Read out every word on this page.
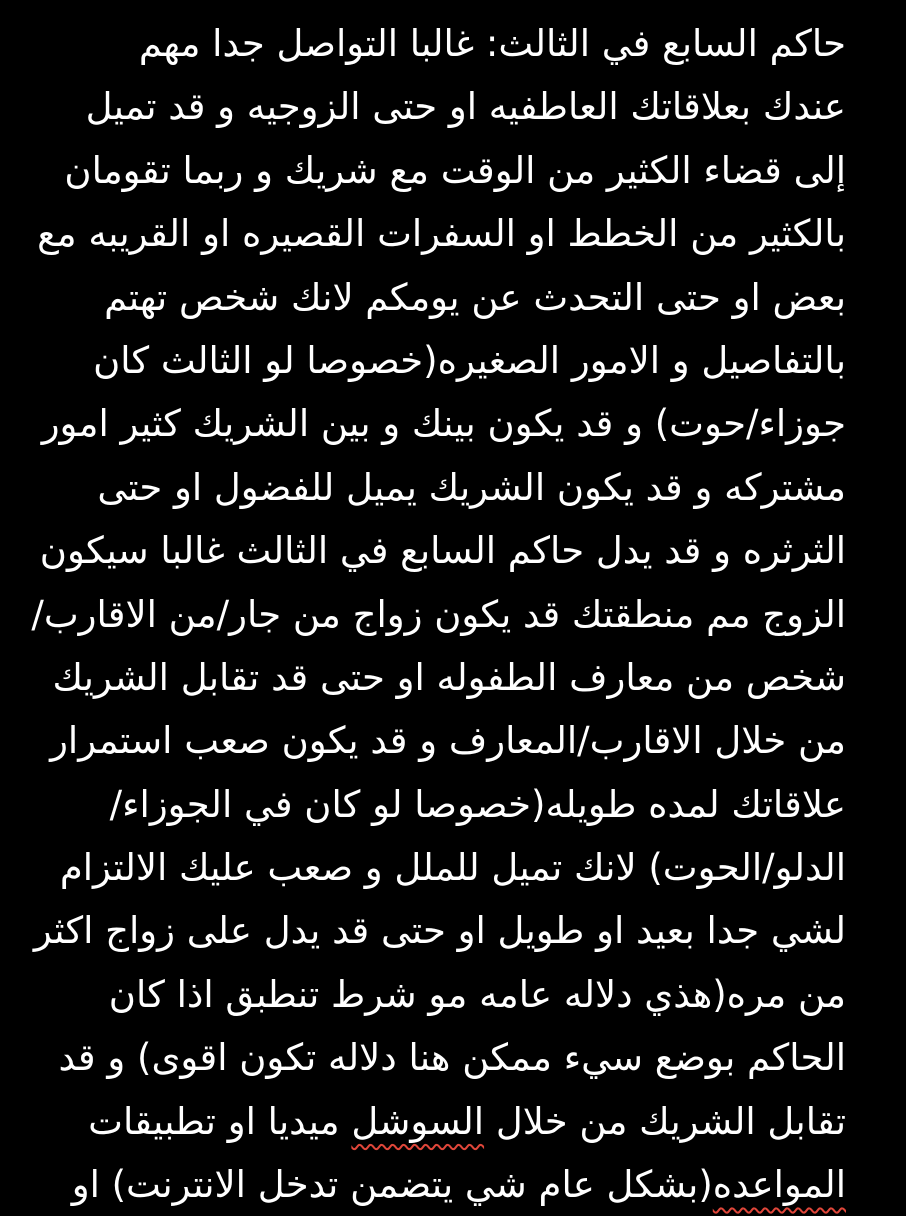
حاكم السابع في الثالث: غالبا التواصل جدا مهم
عندك بعلاقاتك العاطفيه او حتى الزوجيه و قد تميل
إلى قضاء الكثير من الوقت مع شريك و ربما تقومان
بالكثير من الخطط او السفرات القصيره او القريبه مع
بعض او حتى التحدث عن يومكم لانك شخص تهتم
بالتفاصيل و الامور الصغيره(خصوصا لو الثالث كان
جوزاء/حوت) و قد يكون بينك و بين الشريك كثير امور
مشتركه و قد يكون الشريك يميل للفضول او حتى
الثرثره و قد يدل حاكم السابع في الثالث غالبا سيكون
الزوج مم منطقتك قد يكون زواج من جار/من الاقارب/
شخص من معارف الطفوله او حتى قد تقابل الشريك
من خلال الاقارب/المعارف و قد يكون صعب استمرار
علاقاتك لمده طويله(خصوصا لو كان في الجوزاء/
الدلو/الحوت) لانك تميل للملل و صعب عليك الالتزام
لشي جدا بعيد او طويل او حتى قد يدل على زواج اكثر
من مره(هذي دلاله عامه مو شرط تنطبق اذا كان
الحاكم بوضع سيء ممكن هنا دلاله تكون اقوى) و قد
تقابل الشريك من خلال السوشل ميديا او تطبيقات
المواعده(بشكل عام شي يتضمن تدخل الانترنت) او
